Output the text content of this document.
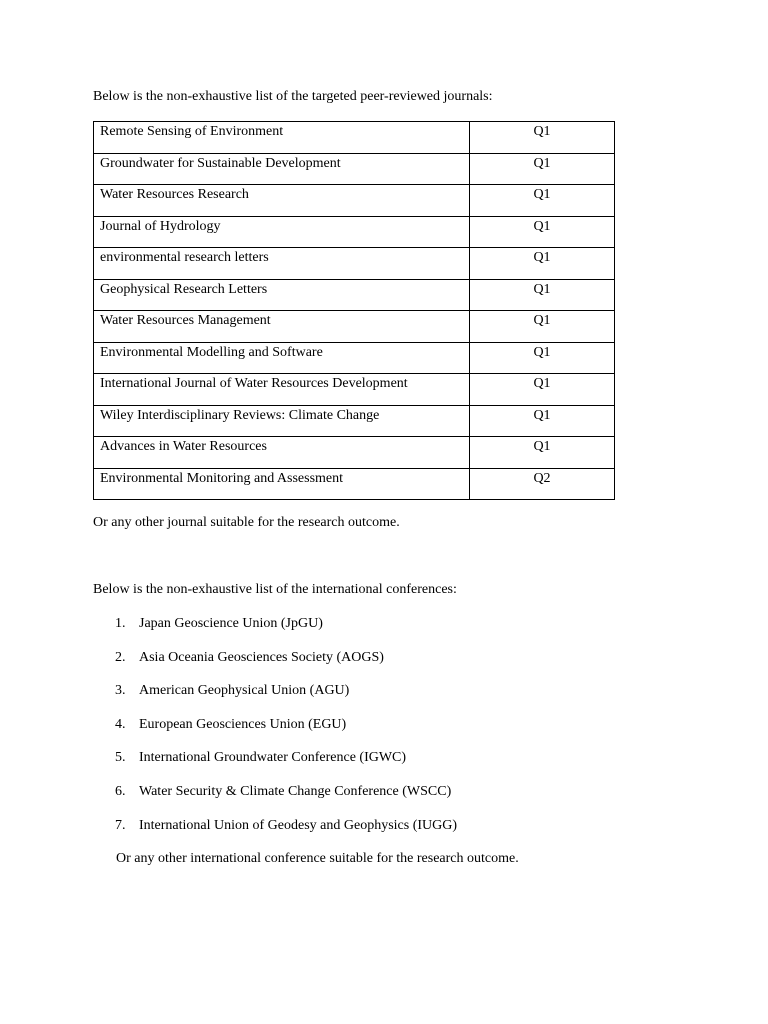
Below is the non-exhaustive list of the targeted peer-reviewed journals:
Remote Sensing of Environment	Q1
Groundwater for Sustainable Development	Q1
Water Resources Research	Q1
Journal of Hydrology	Q1
environmental research letters	Q1
Geophysical Research Letters	Q1
Water Resources Management	Q1
Environmental Modelling and Software	Q1
International Journal of Water Resources Development	Q1
Wiley Interdisciplinary Reviews: Climate Change	Q1
Advances in Water Resources	Q1
Environmental Monitoring and Assessment	Q2
Or any other journal suitable for the research outcome.
Below is the non-exhaustive list of the international conferences:
1. Japan Geoscience Union (JpGU)
2. Asia Oceania Geosciences Society (AOGS)
3. American Geophysical Union (AGU)
4. European Geosciences Union (EGU)
5. International Groundwater Conference (IGWC)
6. Water Security & Climate Change Conference (WSCC)
7. International Union of Geodesy and Geophysics (IUGG)
Or any other international conference suitable for the research outcome.
